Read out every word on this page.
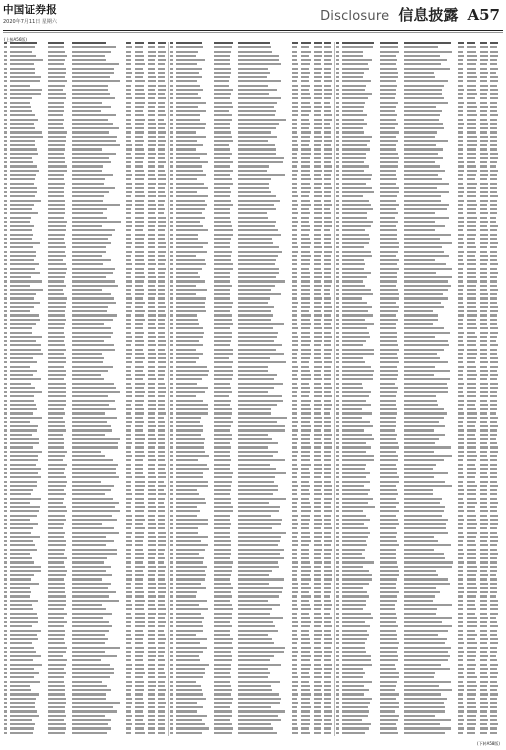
中国证券报
2020年7月11日 星期六	Disclosure 信息披露 A57
(上接A56版)
(下转A58版)
